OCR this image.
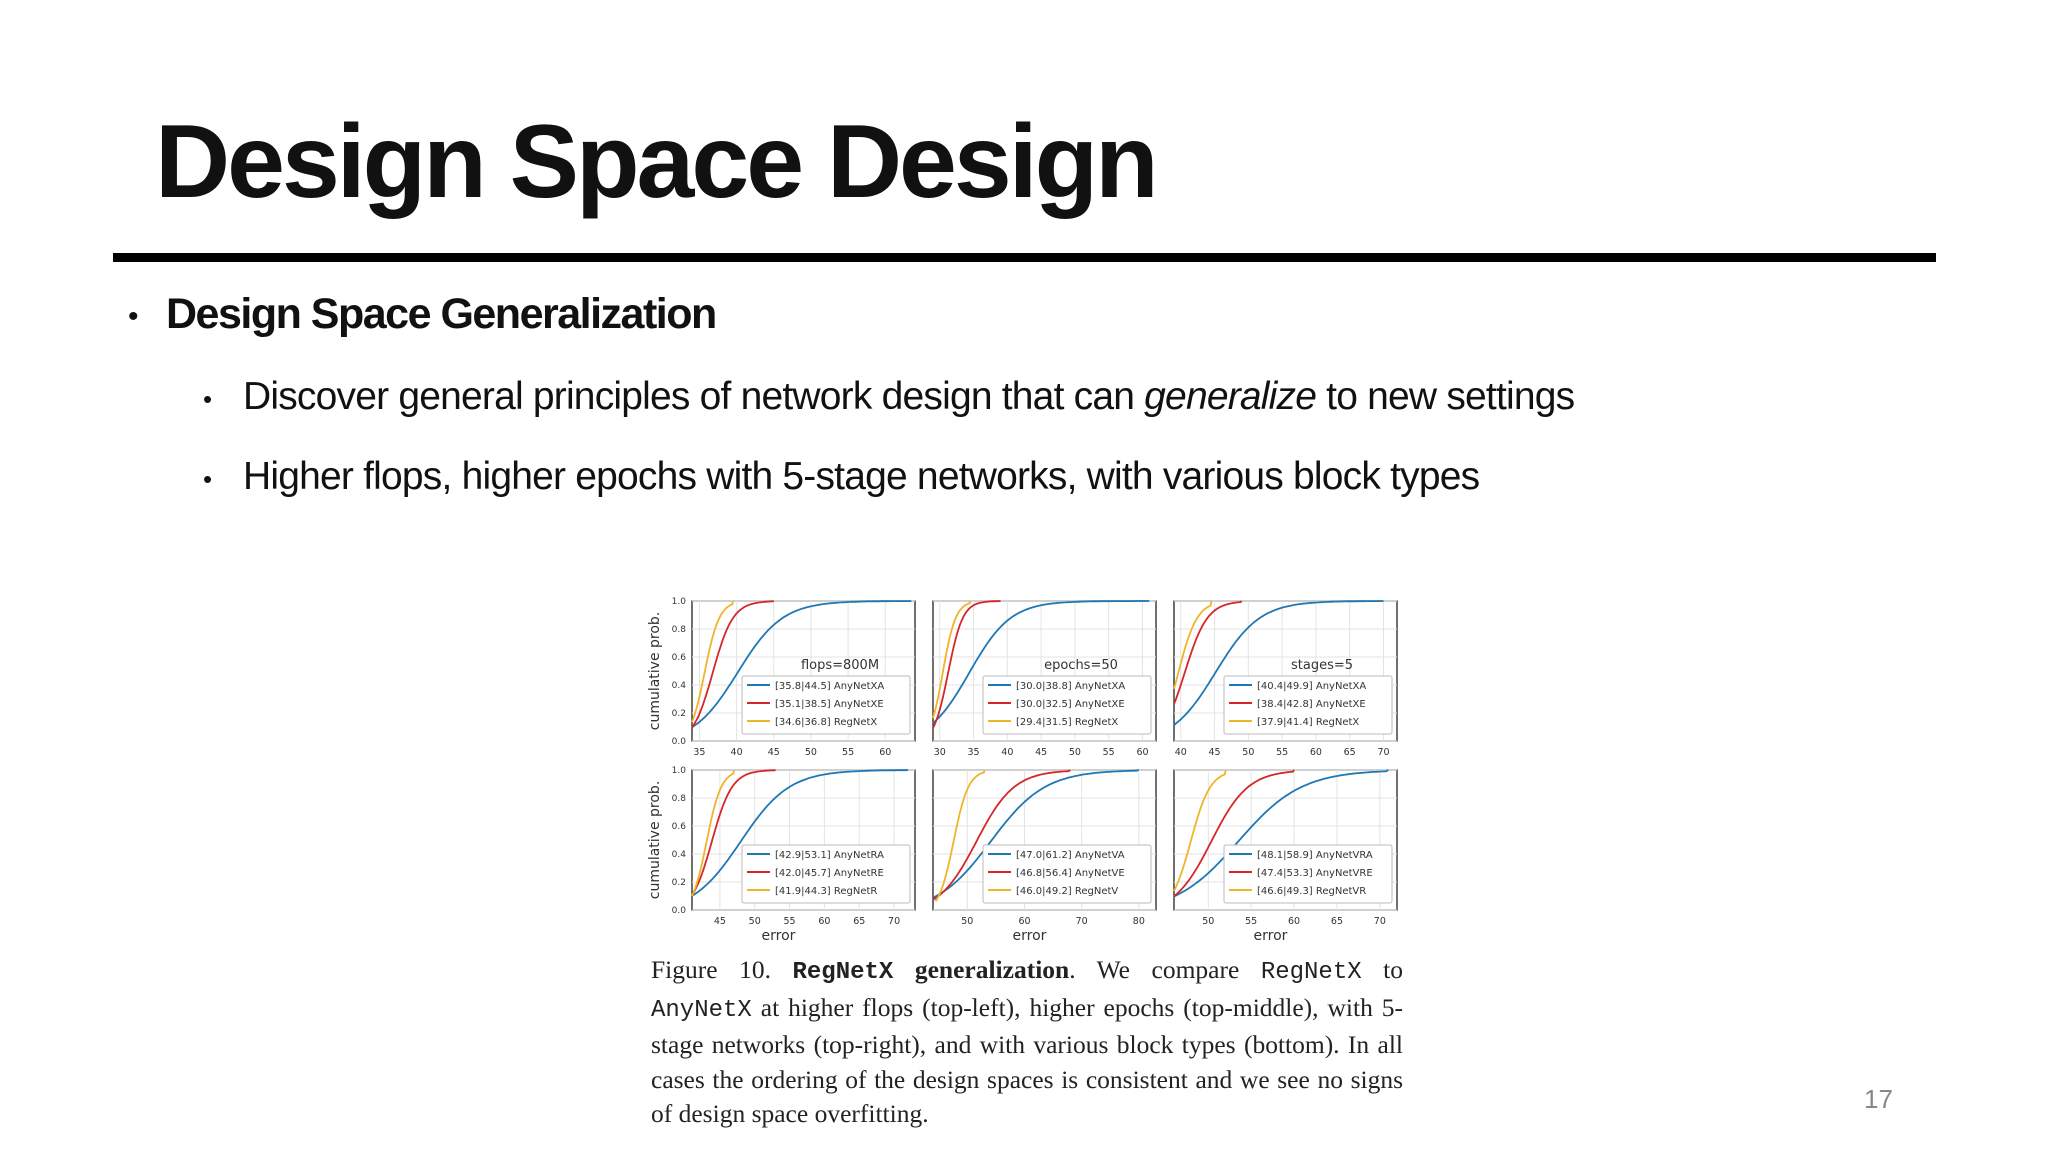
Design Space Design
• Design Space Generalization
• Discover general principles of network design that can generalize to new settings
• Higher flops, higher epochs with 5-stage networks, with various block types
35	40	45	50	55	60
0.0
0.2
0.4
0.6
0.8
1.0
cumulative prob.	flops=800M
[35.8|44.5] AnyNetXA
[35.1|38.5] AnyNetXE
[34.6|36.8] RegNetX
30 35 40 45 50 55 60
epochs=50
[30.0|38.8] AnyNetXA
[30.0|32.5] AnyNetXE
[29.4|31.5] RegNetX
40 45 50 55 60 65 70
stages=5
[40.4|49.9] AnyNetXA
[38.4|42.8] AnyNetXE
[37.9|41.4] RegNetX
45 50 55 60 65 70
0.0
0.2
0.4
0.6
0.8
1.0
cumulative prob.
error
[42.9|53.1] AnyNetRA
[42.0|45.7] AnyNetRE
[41.9|44.3] RegNetR
50	60	70	80
error
[47.0|61.2] AnyNetVA
[46.8|56.4] AnyNetVE
[46.0|49.2] RegNetV
50	55	60	65	70
error
[48.1|58.9] AnyNetVRA
[47.4|53.3] AnyNetVRE
[46.6|49.3] RegNetVR
Figure 10. RegNetX generalization. We compare RegNetX to AnyNetX at higher flops (top-left), higher epochs (top-middle), with 5-stage networks (top-right), and with various block types (bottom). In all cases the ordering of the design spaces is consistent and we see no signs of design space overfitting.	17
